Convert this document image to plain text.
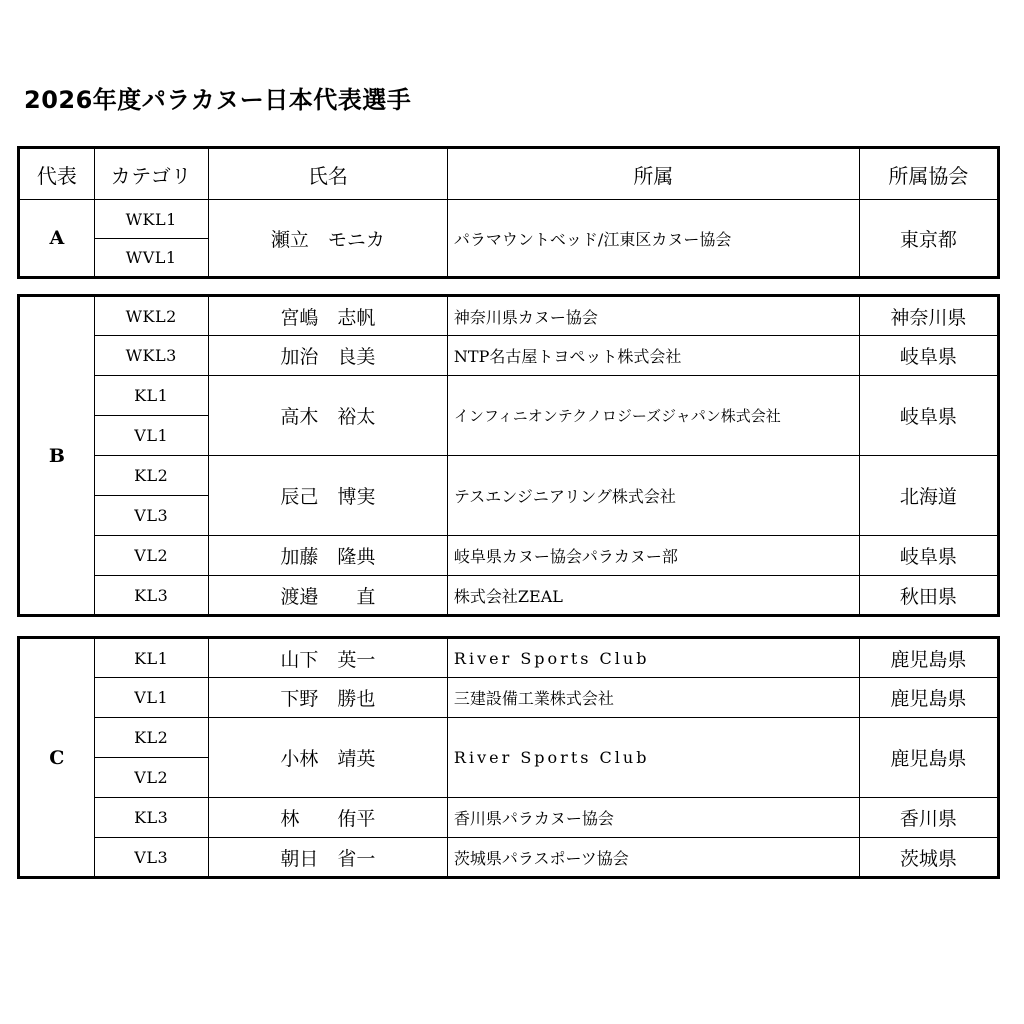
2026年度パラカヌー日本代表選手
代表	カテゴリ	氏名	所属	所属協会
A	WKL1	瀬立　モニカ	パラマウントベッド/江東区カヌー協会	東京都
	WVL1			
B	WKL2	宮嶋　志帆	神奈川県カヌー協会	神奈川県
	WKL3	加治　良美	NTP名古屋トヨペット株式会社	岐阜県
	KL1	高木　裕太	インフィニオンテクノロジーズジャパン株式会社	岐阜県
	VL1			
	KL2	辰己　博実	テスエンジニアリング株式会社	北海道
	VL3			
	VL2	加藤　隆典	岐阜県カヌー協会パラカヌー部	岐阜県
	KL3	渡邉　　直	株式会社ZEAL	秋田県
C	KL1	山下　英一	River Sports Club	鹿児島県
	VL1	下野　勝也	三建設備工業株式会社	鹿児島県
	KL2	小林　靖英	River Sports Club	鹿児島県
	VL2			
	KL3	林　　侑平	香川県パラカヌー協会	香川県
	VL3	朝日　省一	茨城県パラスポーツ協会	茨城県
